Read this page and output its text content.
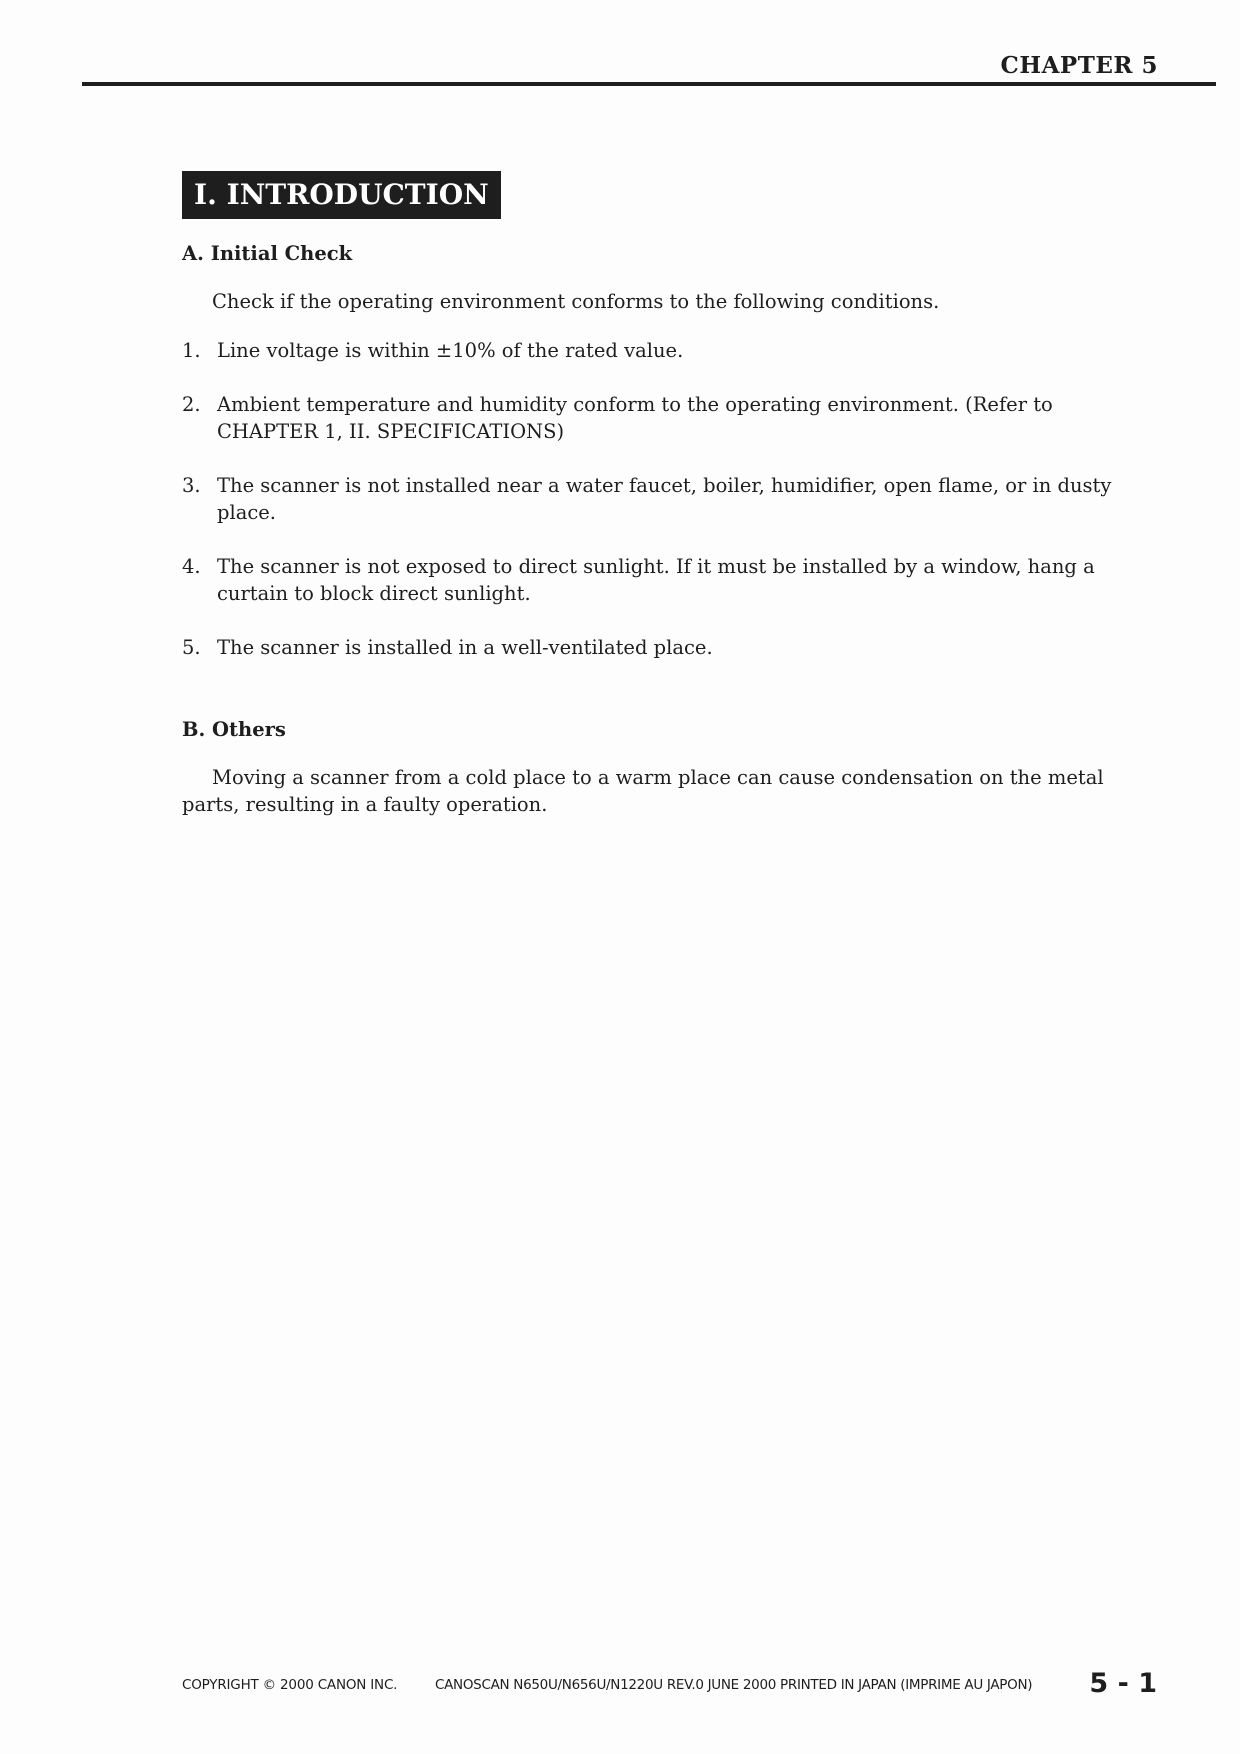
CHAPTER 5
I. INTRODUCTION

A. Initial Check

Check if the operating environment conforms to the following conditions.

1. Line voltage is within ±10% of the rated value.
2. Ambient temperature and humidity conform to the operating environment. (Refer to CHAPTER 1, II. SPECIFICATIONS)
3. The scanner is not installed near a water faucet, boiler, humidifier, open flame, or in dusty place.
4. The scanner is not exposed to direct sunlight. If it must be installed by a window, hang a curtain to block direct sunlight.
5. The scanner is installed in a well-ventilated place.

B. Others

Moving a scanner from a cold place to a warm place can cause condensation on the metal parts, resulting in a faulty operation.

COPYRIGHT © 2000 CANON INC.	CANOSCAN N650U/N656U/N1220U REV.0 JUNE 2000 PRINTED IN JAPAN (IMPRIME AU JAPON) 5 - 1
